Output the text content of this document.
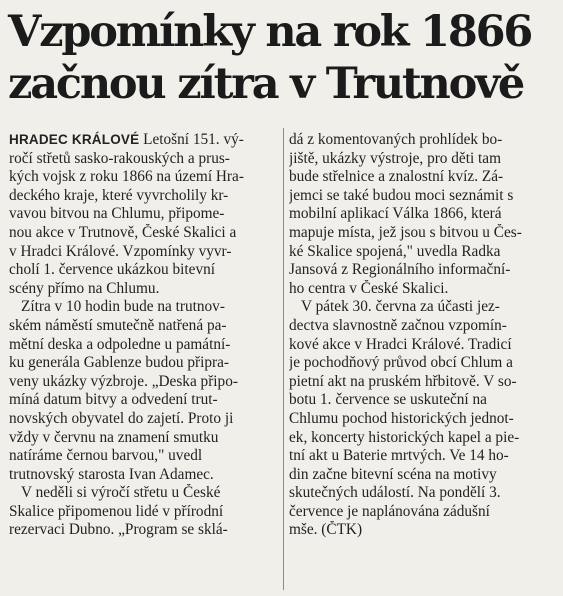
Vzpomínky na rok 1866
začnou zítra v Trutnově
HRADEC KRÁLOVÉ Letošní 151. vý-
ročí střetů sasko-rakouských a prus-
kých vojsk z roku 1866 na území Hra-
deckého kraje, které vyvrcholily kr-
vavou bitvou na Chlumu, připome-
nou akce v Trutnově, České Skalici a
v Hradci Králové. Vzpomínky vyvr-
cholí 1. července ukázkou bitevní
scény přímo na Chlumu.
Zítra v 10 hodin bude na trutnov-
ském náměstí smutečně natřená pa-
mětní deska a odpoledne u památní-
ku generála Gablenze budou připra-
veny ukázky výzbroje. „Deska připo-
míná datum bitvy a odvedení trut-
novských obyvatel do zajetí. Proto ji
vždy v červnu na znamení smutku
natíráme černou barvou," uvedl
trutnovský starosta Ivan Adamec.
V neděli si výročí střetu u České
Skalice připomenou lidé v přírodní
rezervaci Dubno. „Program se sklá-
dá z komentovaných prohlídek bo-
jiště, ukázky výstroje, pro děti tam
bude střelnice a znalostní kvíz. Zá-
jemci se také budou moci seznámit s
mobilní aplikací Válka 1866, která
mapuje místa, jež jsou s bitvou u Čes-
ké Skalice spojená," uvedla Radka
Jansová z Regionálního informační-
ho centra v České Skalici.
V pátek 30. června za účasti jez-
dectva slavnostně začnou vzpomín-
kové akce v Hradci Králové. Tradicí
je pochodňový průvod obcí Chlum a
pietní akt na pruském hřbitově. V so-
botu 1. července se uskuteční na
Chlumu pochod historických jednot-
ek, koncerty historických kapel a pie-
tní akt u Baterie mrtvých. Ve 14 ho-
din začne bitevní scéna na motivy
skutečných událostí. Na pondělí 3.
července je naplánována zádušní
mše. (ČTK)
